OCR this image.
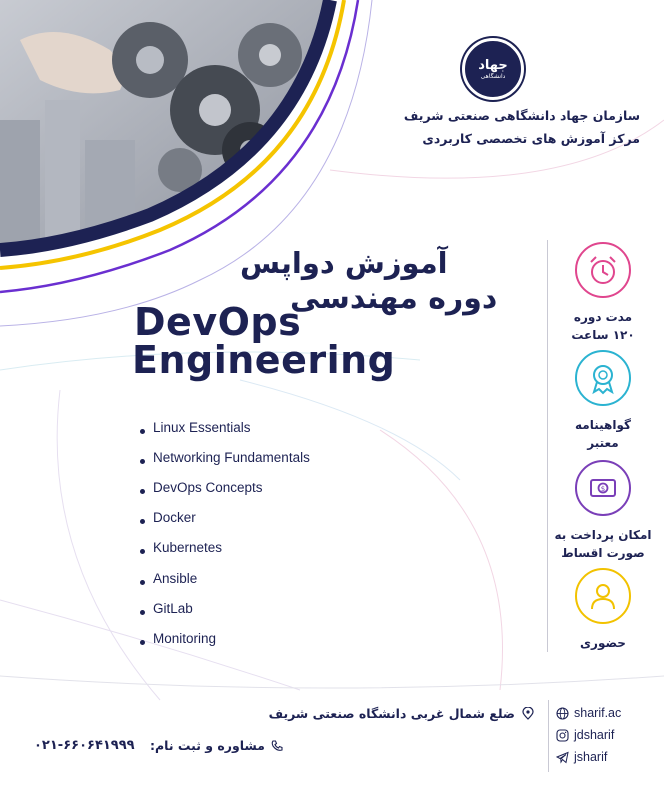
جهاد
دانشگاهی
سازمان جهاد دانشگاهی صنعتی شریف
مرکز آموزش های تخصصی کاربردی
آموزش دواپس
دوره مهندسی
DevOps
Engineering
Linux Essentials
Networking Fundamentals
DevOps Concepts
Docker
Kubernetes
Ansible
GitLab
Monitoring
مدت دوره
۱۲۰ ساعت
گواهینامه
معتبر
$
امکان پرداخت به
صورت اقساط
حضوری
ضلع شمال غربی دانشگاه صنعتی شریف
مشاوره و ثبت نام:
۰۲۱-۶۶۰۶۴۱۹۹۹
sharif.ac
jdsharif
jsharif
